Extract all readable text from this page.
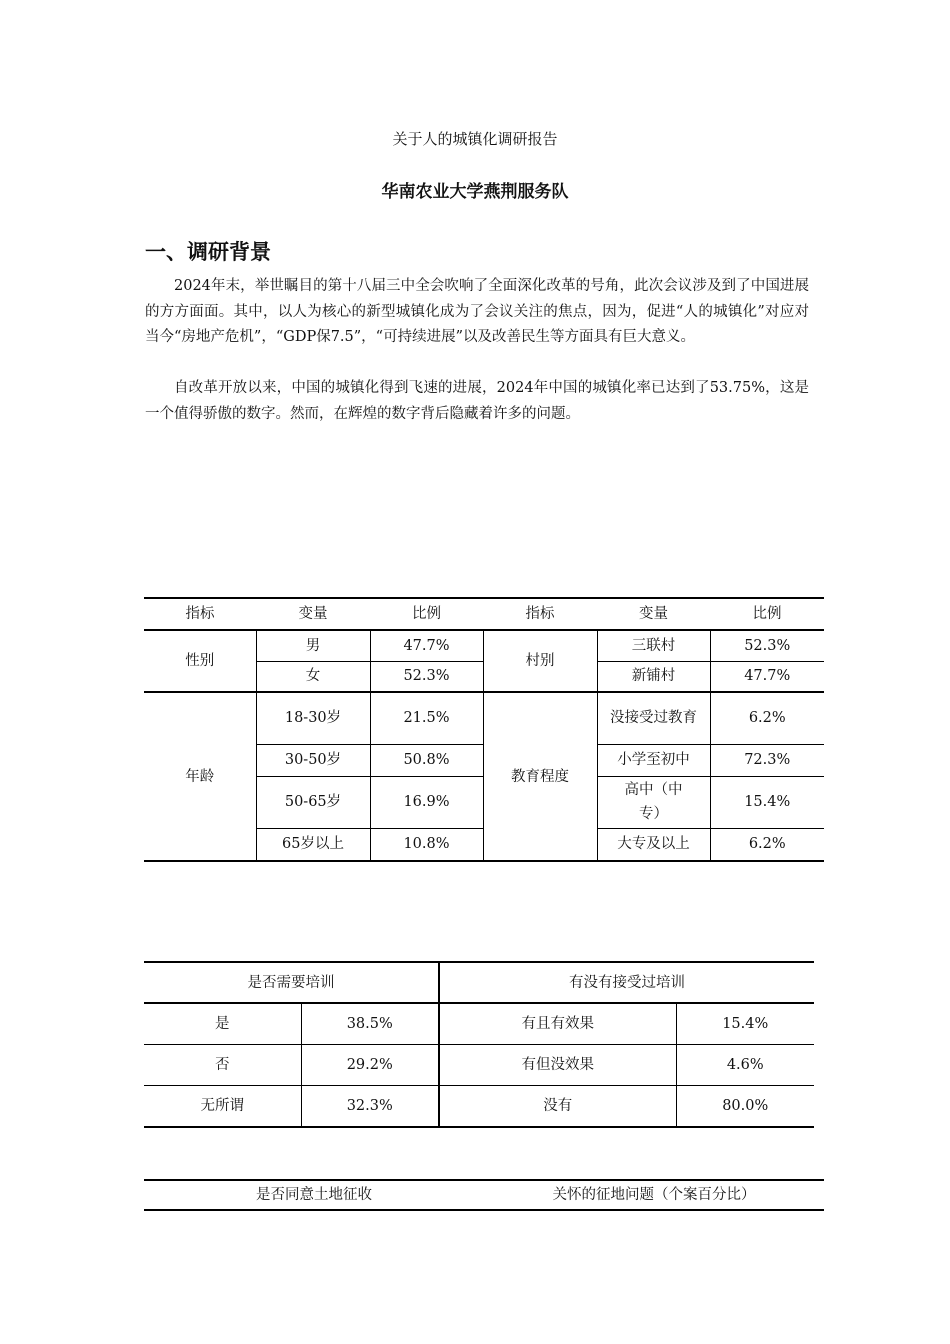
关于人的城镇化调研报告
华南农业大学燕荆服务队
一、调研背景
2024年末，举世瞩目的第十八届三中全会吹响了全面深化改革的号角，此次会议涉及到了中国进展的方方面面。其中，以人为核心的新型城镇化成为了会议关注的焦点，因为，促进“人的城镇化”对应对当今“房地产危机”，“GDP保7.5”，“可持续进展”以及改善民生等方面具有巨大意义。
自改革开放以来，中国的城镇化得到飞速的进展，2024年中国的城镇化率已达到了53.75%，这是一个值得骄傲的数字。然而，在辉煌的数字背后隐藏着许多的问题。
指标	变量	比例	指标	变量	比例
性别	男	47.7%	村别	三联村	52.3%
	女	52.3%		新铺村	47.7%
年龄	18-30岁	21.5%	教育程度	没接受过教育	6.2%
	30-50岁	50.8%		小学至初中	72.3%
	50-65岁	16.9%		高中（中专）	15.4%
	65岁以上	10.8%		大专及以上	6.2%
是否需要培训		有没有接受过培训	
是	38.5%	有且有效果	15.4%
否	29.2%	有但没效果	4.6%
无所谓	32.3%	没有	80.0%
是否同意土地征收	关怀的征地问题（个案百分比）
